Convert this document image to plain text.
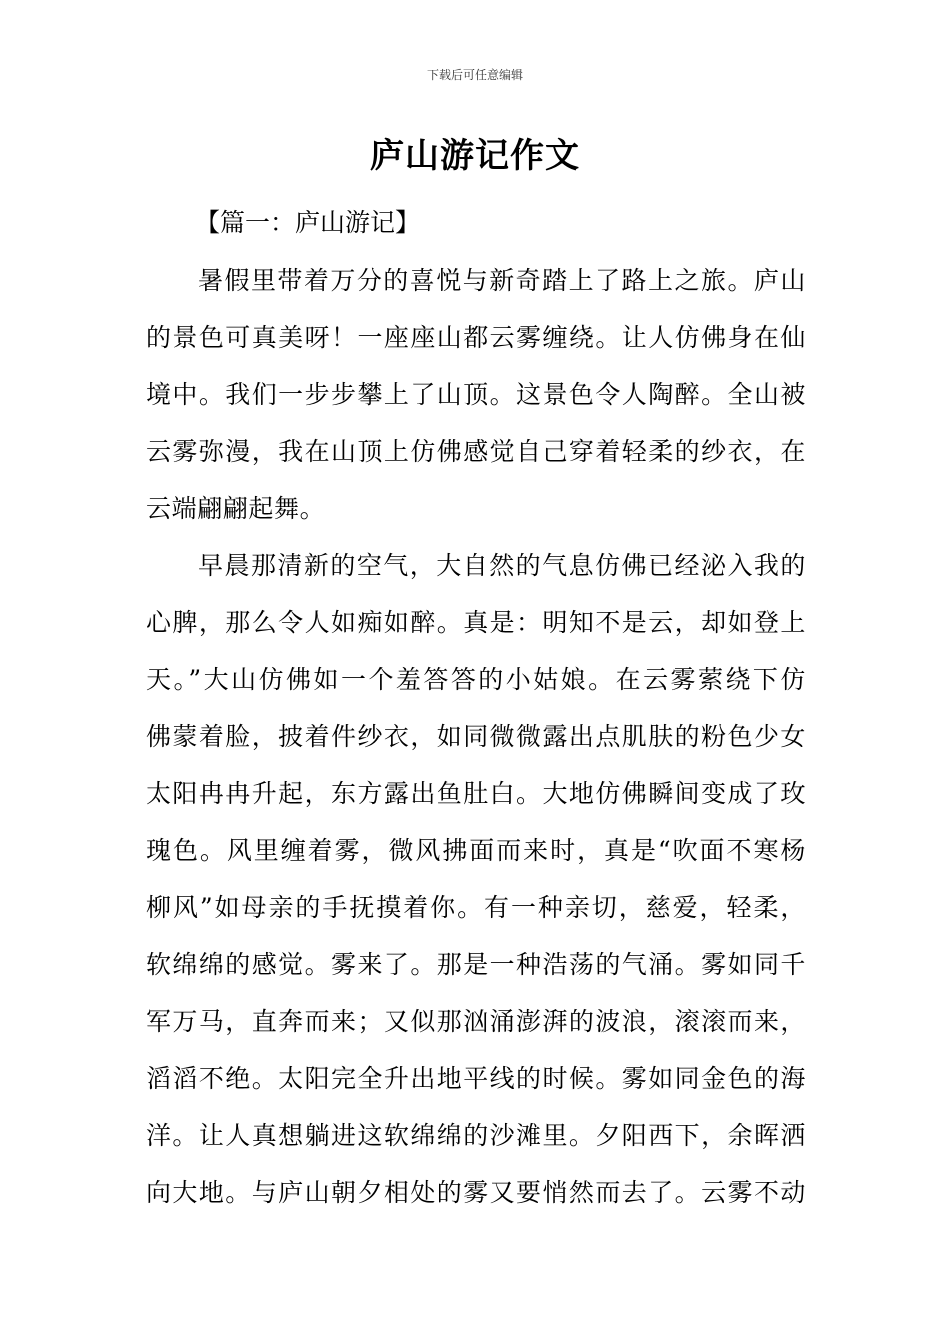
下载后可任意编辑
庐山游记作文
【篇一：庐山游记】
暑假里带着万分的喜悦与新奇踏上了路上之旅。庐山
的景色可真美呀！一座座山都云雾缠绕。让人仿佛身在仙
境中。我们一步步攀上了山顶。这景色令人陶醉。全山被
云雾弥漫，我在山顶上仿佛感觉自己穿着轻柔的纱衣，在
云端翩翩起舞。
早晨那清新的空气，大自然的气息仿佛已经泌入我的
心脾，那么令人如痴如醉。真是：明知不是云，却如登上
天。”大山仿佛如一个羞答答的小姑娘。在云雾萦绕下仿
佛蒙着脸，披着件纱衣，如同微微露出点肌肤的粉色少女
太阳冉冉升起，东方露出鱼肚白。大地仿佛瞬间变成了玫
瑰色。风里缠着雾，微风拂面而来时，真是“吹面不寒杨
柳风”如母亲的手抚摸着你。有一种亲切，慈爱，轻柔，
软绵绵的感觉。雾来了。那是一种浩荡的气涌。雾如同千
军万马，直奔而来；又似那汹涌澎湃的波浪，滚滚而来，
滔滔不绝。太阳完全升出地平线的时候。雾如同金色的海
洋。让人真想躺进这软绵绵的沙滩里。夕阳西下，余晖洒
向大地。与庐山朝夕相处的雾又要悄然而去了。云雾不动
